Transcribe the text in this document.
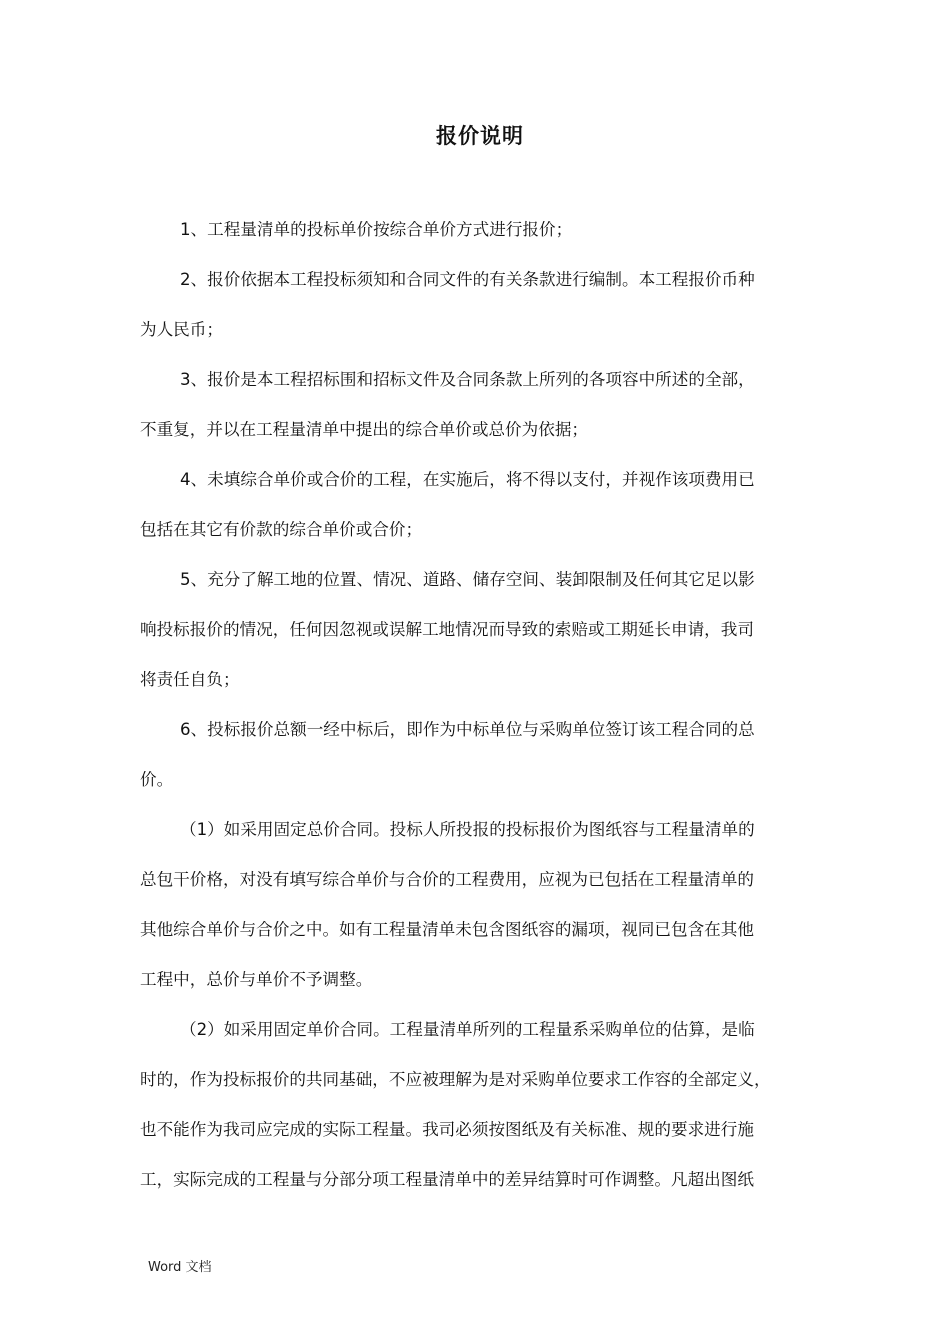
报价说明
1、工程量清单的投标单价按综合单价方式进行报价；
2、报价依据本工程投标须知和合同文件的有关条款进行编制。本工程报价币种
为人民币；
3、报价是本工程招标围和招标文件及合同条款上所列的各项容中所述的全部，
不重复，并以在工程量清单中提出的综合单价或总价为依据；
4、未填综合单价或合价的工程，在实施后，将不得以支付，并视作该项费用已
包括在其它有价款的综合单价或合价；
5、充分了解工地的位置、情况、道路、储存空间、装卸限制及任何其它足以影
响投标报价的情况，任何因忽视或误解工地情况而导致的索赔或工期延长申请，我司
将责任自负；
6、投标报价总额一经中标后，即作为中标单位与采购单位签订该工程合同的总
价。
（1）如采用固定总价合同。投标人所投报的投标报价为图纸容与工程量清单的
总包干价格，对没有填写综合单价与合价的工程费用，应视为已包括在工程量清单的
其他综合单价与合价之中。如有工程量清单未包含图纸容的漏项，视同已包含在其他
工程中，总价与单价不予调整。
（2）如采用固定单价合同。工程量清单所列的工程量系采购单位的估算，是临
时的，作为投标报价的共同基础，不应被理解为是对采购单位要求工作容的全部定义，
也不能作为我司应完成的实际工程量。我司必须按图纸及有关标准、规的要求进行施
工，实际完成的工程量与分部分项工程量清单中的差异结算时可作调整。凡超出图纸
Word 文档
